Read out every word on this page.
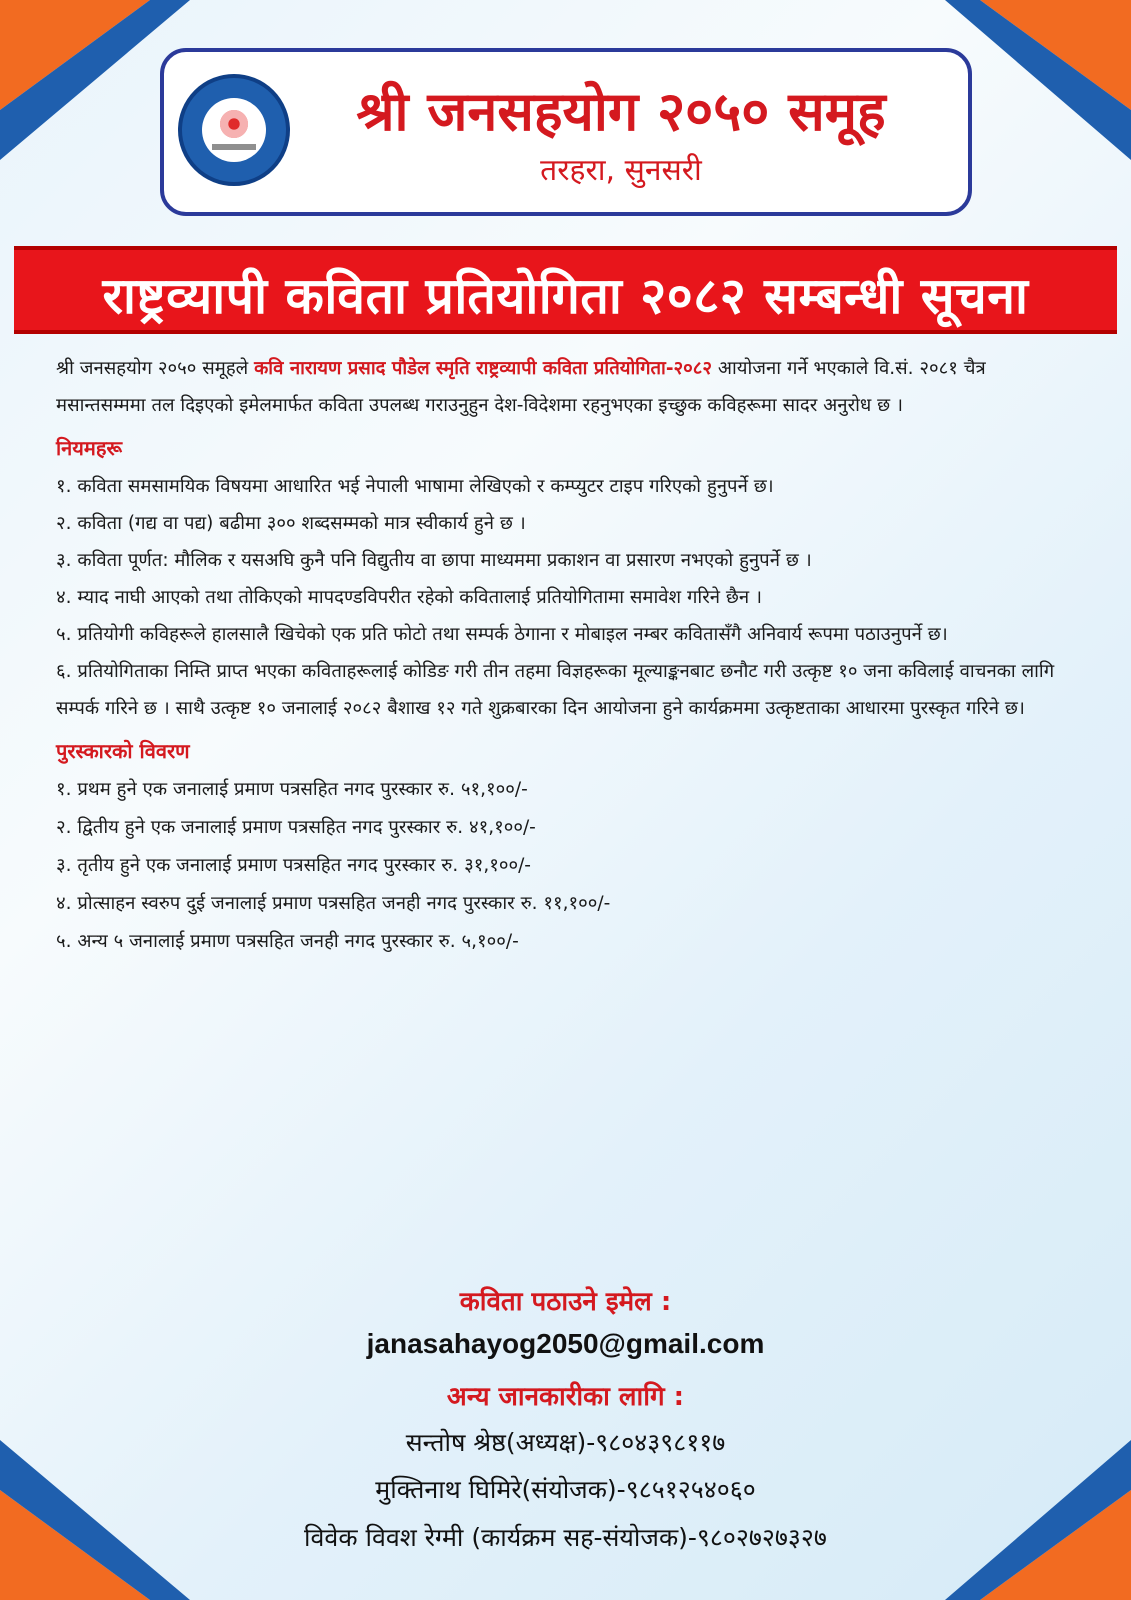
श्री जनसहयोग २०५० समूह
तरहरा, सुनसरी
राष्ट्रव्यापी कविता प्रतियोगिता २०८२ सम्बन्धी सूचना

श्री जनसहयोग २०५० समूहले कवि नारायण प्रसाद पौडेल स्मृति राष्ट्रव्यापी कविता प्रतियोगिता-२०८२ आयोजना गर्ने भएकाले वि.सं. २०८१ चैत्र मसान्तसम्ममा तल दिइएको इमेलमार्फत कविता उपलब्ध गराउनुहुन देश-विदेशमा रहनुभएका इच्छुक कविहरूमा सादर अनुरोध छ ।

नियमहरू

१. कविता समसामयिक विषयमा आधारित भई नेपाली भाषामा लेखिएको र कम्प्युटर टाइप गरिएको हुनुपर्ने छ।

२. कविता (गद्य वा पद्य) बढीमा ३०० शब्दसम्मको मात्र स्वीकार्य हुने छ ।

३. कविता पूर्णत: मौलिक र यसअघि कुनै पनि विद्युतीय वा छापा माध्यममा प्रकाशन वा प्रसारण नभएको हुनुपर्ने छ ।

४. म्याद नाघी आएको तथा तोकिएको मापदण्डविपरीत रहेको कवितालाई प्रतियोगितामा समावेश गरिने छैन ।

५. प्रतियोगी कविहरूले हालसालै खिचेको एक प्रति फोटो तथा सम्पर्क ठेगाना र मोबाइल नम्बर कवितासँगै अनिवार्य रूपमा पठाउनुपर्ने छ।

६. प्रतियोगिताका निम्ति प्राप्त भएका कविताहरूलाई कोडिङ गरी तीन तहमा विज्ञहरूका मूल्याङ्कनबाट छनौट गरी उत्कृष्ट १० जना कविलाई वाचनका लागि सम्पर्क गरिने छ । साथै उत्कृष्ट १० जनालाई २०८२ बैशाख १२ गते शुक्रबारका दिन आयोजना हुने कार्यक्रममा उत्कृष्टताका आधारमा पुरस्कृत गरिने छ।

पुरस्कारको विवरण

१. प्रथम हुने एक जनालाई प्रमाण पत्रसहित नगद पुरस्कार रु. ५१,१००/-

२. द्वितीय हुने एक जनालाई प्रमाण पत्रसहित नगद पुरस्कार रु. ४१,१००/-

३. तृतीय हुने एक जनालाई प्रमाण पत्रसहित नगद पुरस्कार रु. ३१,१००/-

४. प्रोत्साहन स्वरुप दुई जनालाई प्रमाण पत्रसहित जनही नगद पुरस्कार रु. ११,१००/-

५. अन्य ५ जनालाई प्रमाण पत्रसहित जनही नगद पुरस्कार रु. ५,१००/-

कविता पठाउने इमेल :
janasahayog2050@gmail.com
अन्य जानकारीका लागि :
सन्तोष श्रेष्ठ(अध्यक्ष)-९८०४३९८११७
मुक्तिनाथ घिमिरे(संयोजक)-९८५१२५४०६०
विवेक विवश रेग्मी (कार्यक्रम सह-संयोजक)-९८०२७२७३२७
